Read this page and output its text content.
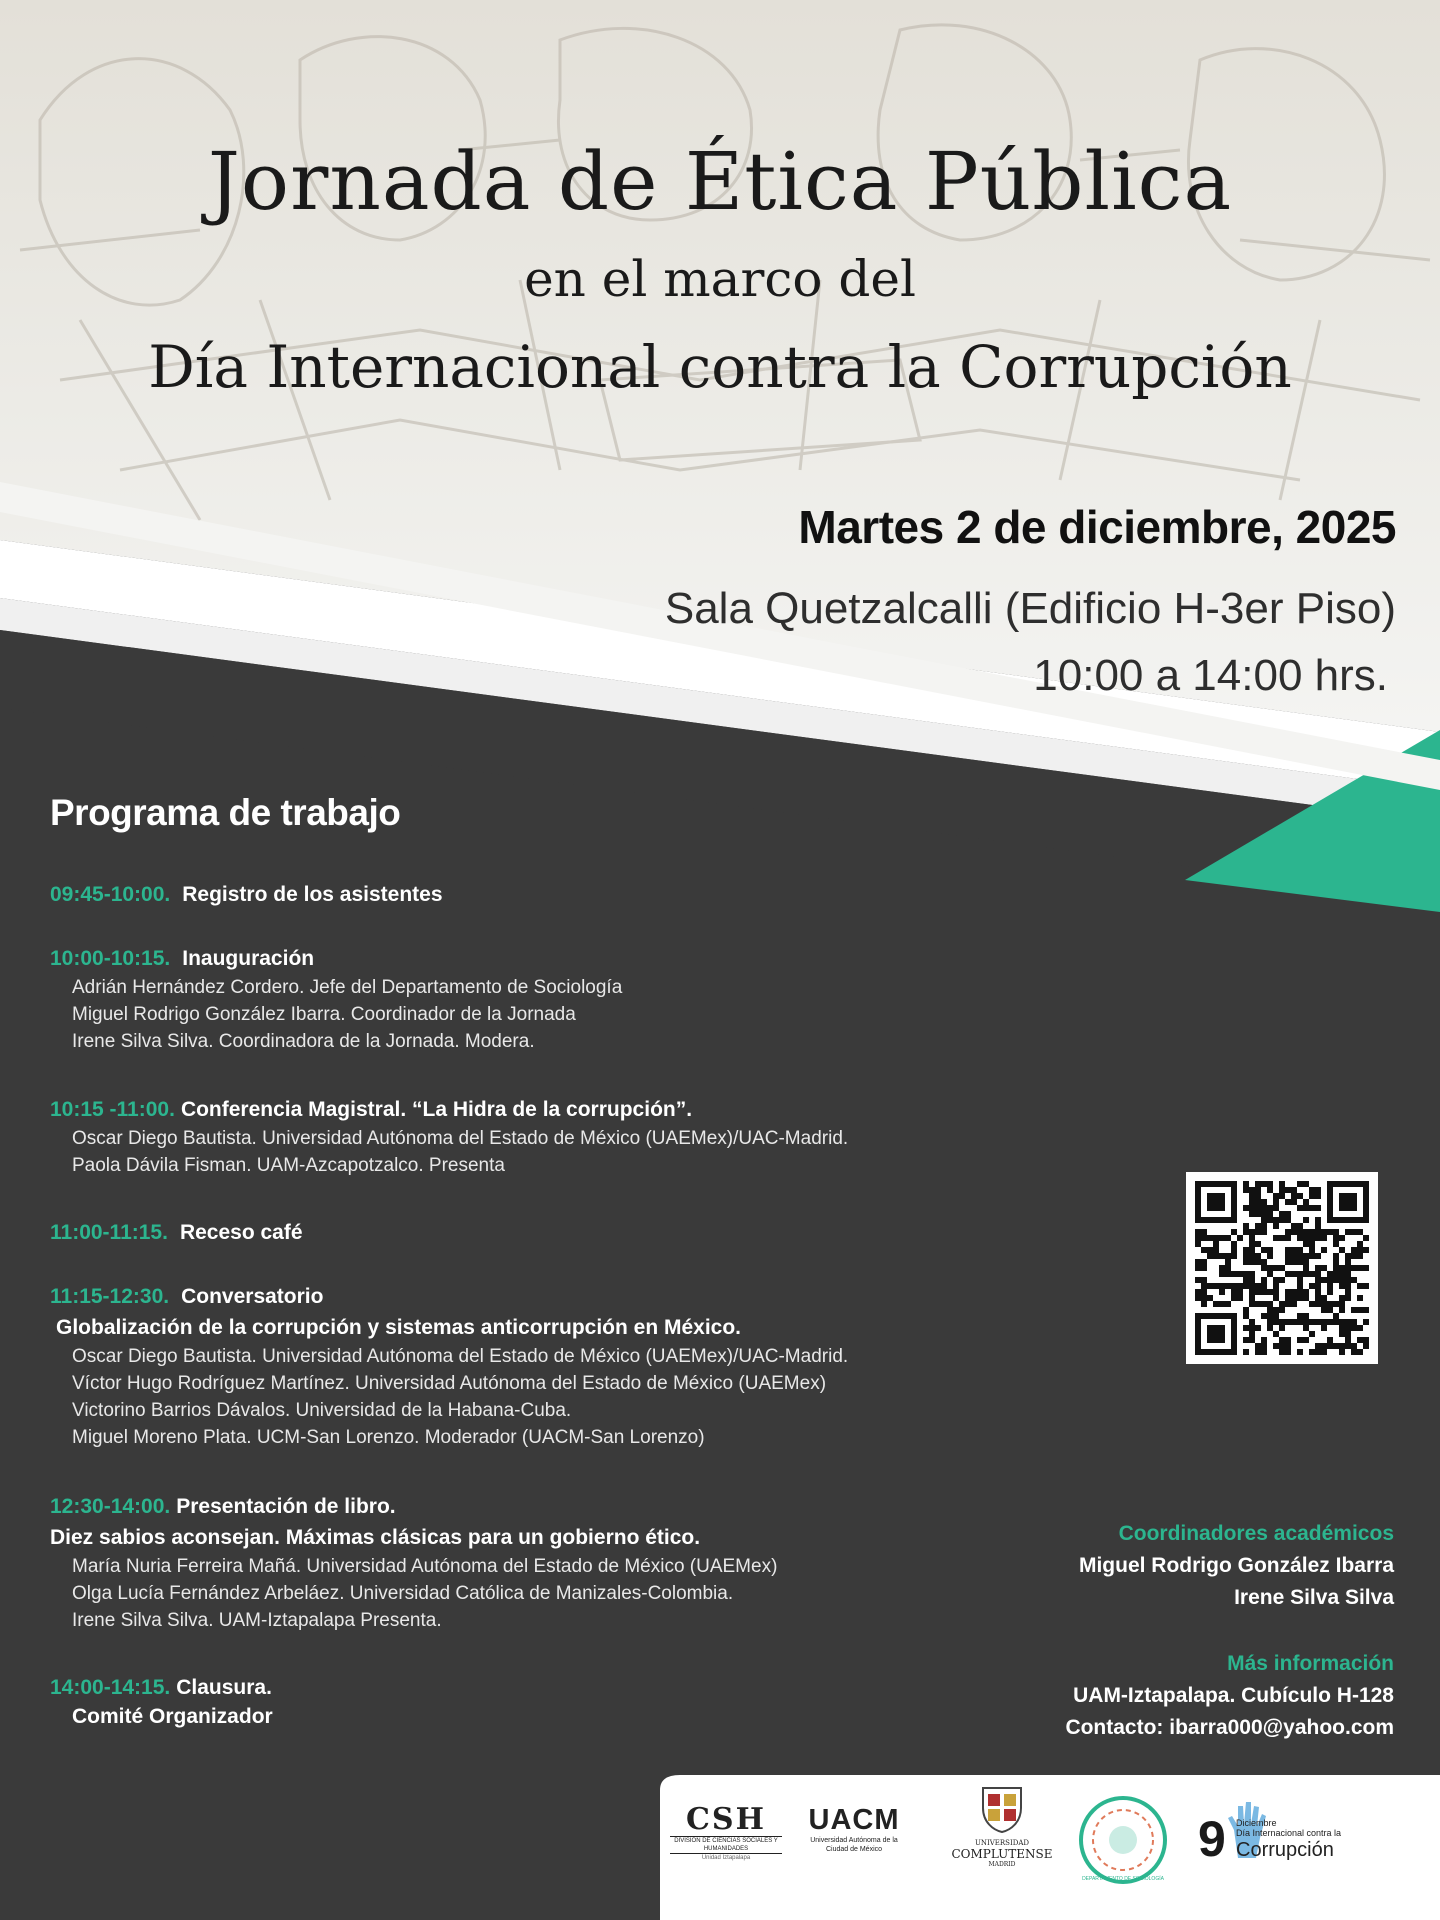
Jornada de Ética Pública
en el marco del
Día Internacional contra la Corrupción
Martes 2 de diciembre, 2025
Sala Quetzalcalli (Edificio H-3er Piso)
10:00 a 14:00 hrs.
Programa de trabajo
09:45-10:00. Registro de los asistentes
10:00-10:15. Inauguración
Adrián Hernández Cordero. Jefe del Departamento de Sociología
Miguel Rodrigo González Ibarra. Coordinador de la Jornada
Irene Silva Silva. Coordinadora de la Jornada. Modera.
10:15 -11:00. Conferencia Magistral. “La Hidra de la corrupción”.
Oscar Diego Bautista. Universidad Autónoma del Estado de México (UAEMex)/UAC-Madrid.
Paola Dávila Fisman. UAM-Azcapotzalco. Presenta
11:00-11:15. Receso café
11:15-12:30. Conversatorio
Globalización de la corrupción y sistemas anticorrupción en México.
Oscar Diego Bautista. Universidad Autónoma del Estado de México (UAEMex)/UAC-Madrid.
Víctor Hugo Rodríguez Martínez. Universidad Autónoma del Estado de México (UAEMex)
Victorino Barrios Dávalos. Universidad de la Habana-Cuba.
Miguel Moreno Plata. UCM-San Lorenzo. Moderador (UACM-San Lorenzo)
12:30-14:00. Presentación de libro.
Diez sabios aconsejan. Máximas clásicas para un gobierno ético.
María Nuria Ferreira Mañá. Universidad Autónoma del Estado de México (UAEMex)
Olga Lucía Fernández Arbeláez. Universidad Católica de Manizales-Colombia.
Irene Silva Silva. UAM-Iztapalapa Presenta.
14:00-14:15. Clausura.
Comité Organizador
Coordinadores académicos
Miguel Rodrigo González Ibarra
Irene Silva Silva
Más información
UAM-Iztapalapa. Cubículo H-128
Contacto: ibarra000@yahoo.com
CSH
DIVISIÓN DE CIENCIAS SOCIALES Y HUMANIDADES
Unidad Iztapalapa
UACM
Universidad Autónoma de la Ciudad de México
UNIVERSIDAD
COMPLUTENSE
MADRID
DEPARTAMENTO DE SOCIOLOGÍA
9 Diciembre
Día Internacional contra la
Corrupción
